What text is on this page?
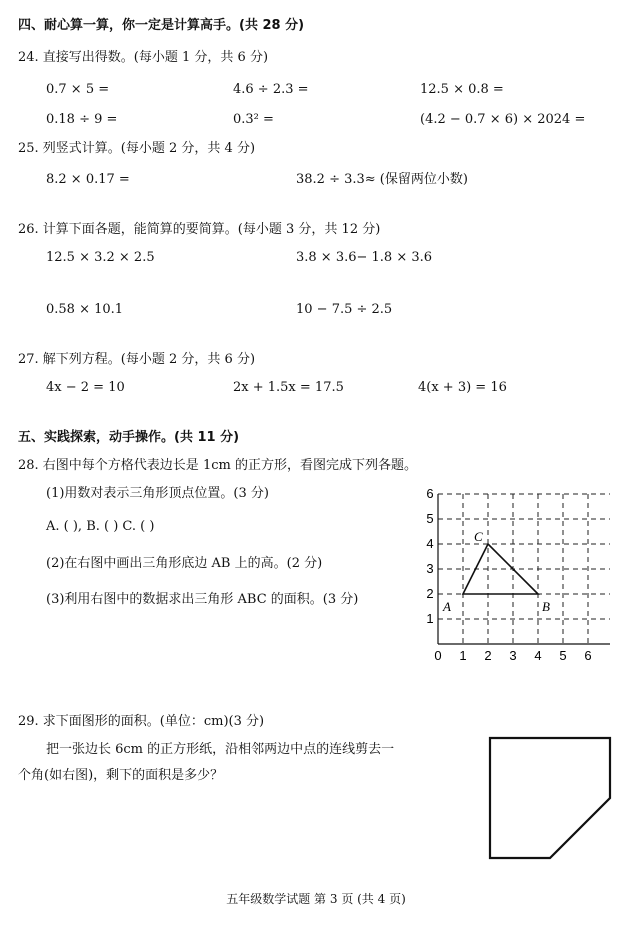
四、耐心算一算，你一定是计算高手。(共 28 分)
24. 直接写出得数。(每小题 1 分，共 6 分)
0.7 × 5 =	4.6 ÷ 2.3 =	12.5 × 0.8 =
0.18 ÷ 9 =	0.3² =	(4.2 − 0.7 × 6) × 2024 =
25. 列竖式计算。(每小题 2 分，共 4 分)
8.2 × 0.17 =	38.2 ÷ 3.3≈ (保留两位小数)
26. 计算下面各题，能简算的要简算。(每小题 3 分，共 12 分)
12.5 × 3.2 × 2.5	3.8 × 3.6− 1.8 × 3.6
0.58 × 10.1	10 − 7.5 ÷ 2.5
27. 解下列方程。(每小题 2 分，共 6 分)
4x − 2 = 10	2x + 1.5x = 17.5	4(x + 3) = 16
五、实践探索，动手操作。(共 11 分)
28. 右图中每个方格代表边长是 1cm 的正方形，看图完成下列各题。
(1)用数对表示三角形顶点位置。(3 分)
A. ( ), B. ( ) C. ( )
(2)在右图中画出三角形底边 AB 上的高。(2 分)
(3)利用右图中的数据求出三角形 ABC 的面积。(3 分)
0 1 2 3 4 5 6
1
2
3
4
5
6
A	B
C
29. 求下面图形的面积。(单位：cm)(3 分)
把一张边长 6cm 的正方形纸，沿相邻两边中点的连线剪去一
个角(如右图)，剩下的面积是多少？
五年级数学试题 第 3 页 (共 4 页)
